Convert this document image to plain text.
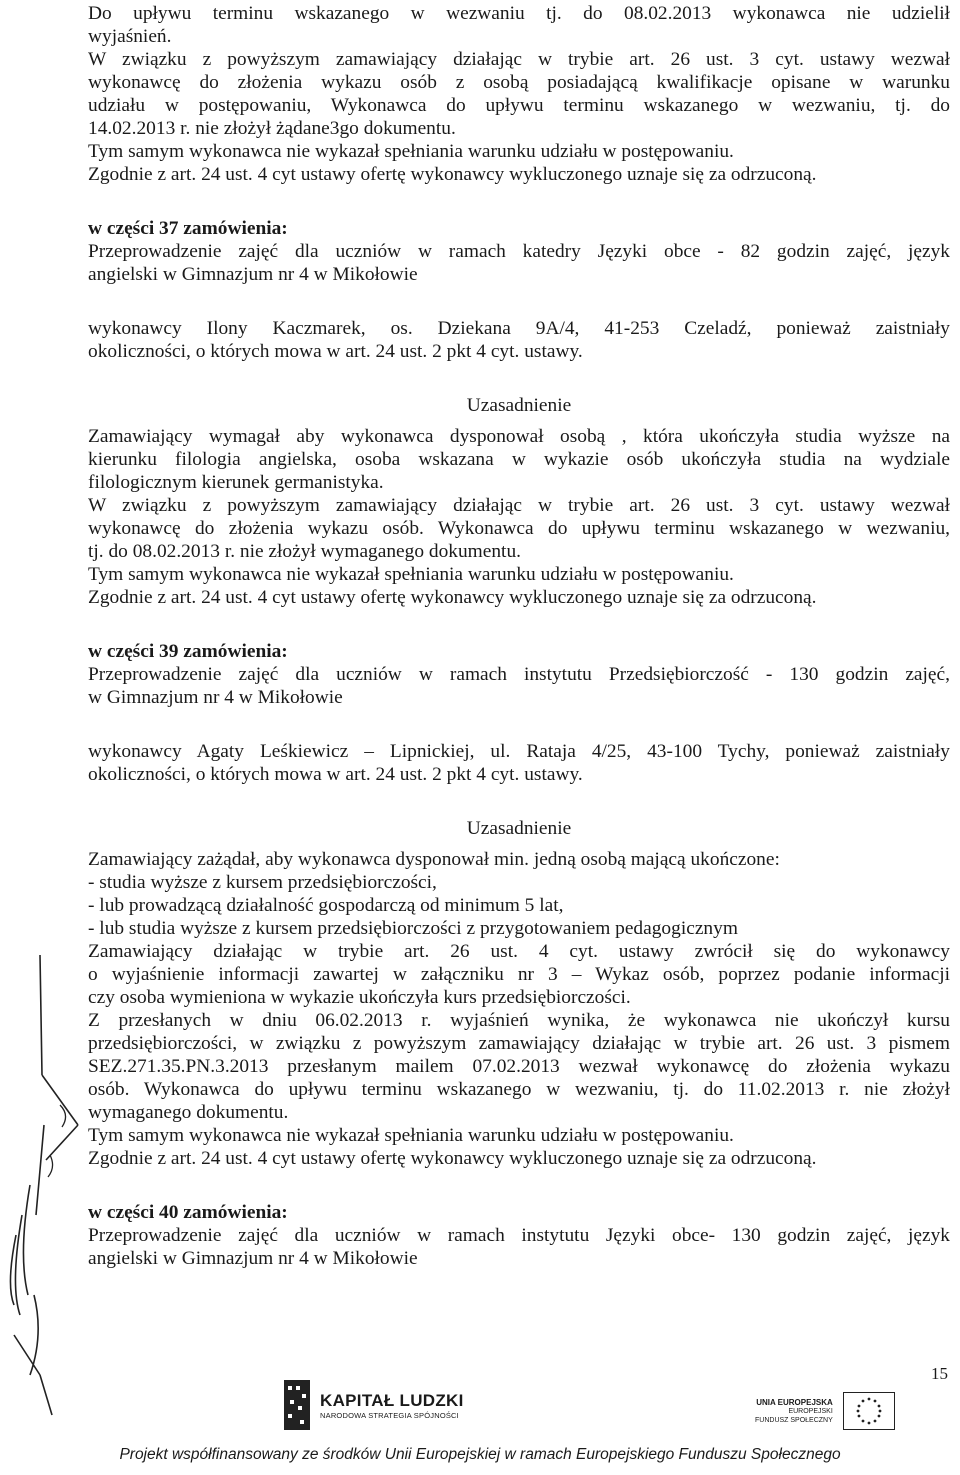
Do upływu terminu wskazanego w wezwaniu tj. do 08.02.2013 wykonawca nie udzielił

wyjaśnień.

W związku z powyższym zamawiający działając w trybie art. 26 ust. 3 cyt. ustawy wezwał

wykonawcę do złożenia wykazu osób z osobą posiadającą kwalifikacje opisane w warunku

udziału w postępowaniu, Wykonawca do upływu terminu wskazanego w wezwaniu, tj. do

14.02.2013 r. nie złożył żądane3go dokumentu.

Tym samym wykonawca nie wykazał spełniania warunku udziału w postępowaniu.

Zgodnie z art. 24 ust. 4 cyt ustawy ofertę wykonawcy wykluczonego uznaje się za odrzuconą.

w części 37 zamówienia:

Przeprowadzenie zajęć dla uczniów w ramach katedry Języki obce - 82 godzin zajęć, język

angielski w Gimnazjum nr 4 w Mikołowie

wykonawcy Ilony Kaczmarek, os. Dziekana 9A/4, 41-253 Czeladź, ponieważ zaistniały

okoliczności, o których mowa w art. 24 ust. 2 pkt 4 cyt. ustawy.

Uzasadnienie

Zamawiający wymagał aby wykonawca dysponował osobą , która ukończyła studia wyższe na

kierunku filologia angielska, osoba wskazana w wykazie osób ukończyła studia na wydziale

filologicznym kierunek germanistyka.

W związku z powyższym zamawiający działając w trybie art. 26 ust. 3 cyt. ustawy wezwał

wykonawcę do złożenia wykazu osób. Wykonawca do upływu terminu wskazanego w wezwaniu,

tj. do 08.02.2013 r. nie złożył wymaganego dokumentu.

Tym samym wykonawca nie wykazał spełniania warunku udziału w postępowaniu.

Zgodnie z art. 24 ust. 4 cyt ustawy ofertę wykonawcy wykluczonego uznaje się za odrzuconą.

w części 39 zamówienia:

Przeprowadzenie zajęć dla uczniów w ramach instytutu Przedsiębiorczość - 130 godzin zajęć,

w Gimnazjum nr 4 w Mikołowie

wykonawcy Agaty Leśkiewicz – Lipnickiej, ul. Rataja 4/25, 43-100 Tychy, ponieważ zaistniały

okoliczności, o których mowa w art. 24 ust. 2 pkt 4 cyt. ustawy.

Uzasadnienie

Zamawiający zażądał, aby wykonawca dysponował min. jedną osobą mającą ukończone:

- studia wyższe z kursem przedsiębiorczości,

- lub prowadzącą działalność gospodarczą od minimum 5 lat,

- lub studia wyższe z kursem przedsiębiorczości z przygotowaniem pedagogicznym

Zamawiający działając w trybie art. 26 ust. 4 cyt. ustawy zwrócił się do wykonawcy

o wyjaśnienie informacji zawartej w załączniku nr 3 – Wykaz osób, poprzez podanie informacji

czy osoba wymieniona w wykazie ukończyła kurs przedsiębiorczości.

Z przesłanych w dniu 06.02.2013 r. wyjaśnień wynika, że wykonawca nie ukończył kursu

przedsiębiorczości, w związku z powyższym zamawiający działając w trybie art. 26 ust. 3 pismem

SEZ.271.35.PN.3.2013 przesłanym mailem 07.02.2013 wezwał wykonawcę do złożenia wykazu

osób. Wykonawca do upływu terminu wskazanego w wezwaniu, tj. do 11.02.2013 r. nie złożył

wymaganego dokumentu.

Tym samym wykonawca nie wykazał spełniania warunku udziału w postępowaniu.

Zgodnie z art. 24 ust. 4 cyt ustawy ofertę wykonawcy wykluczonego uznaje się za odrzuconą.

w części 40 zamówienia:

Przeprowadzenie zajęć dla uczniów w ramach instytutu Języki obce- 130 godzin zajęć, język

angielski w Gimnazjum nr 4 w Mikołowie

15
KAPITAŁ LUDZKI
NARODOWA STRATEGIA SPÓJNOŚCI
UNIA EUROPEJSKA
EUROPEJSKI
FUNDUSZ SPOŁECZNY
Projekt współfinansowany ze środków Unii Europejskiej w ramach Europejskiego Funduszu Społecznego
